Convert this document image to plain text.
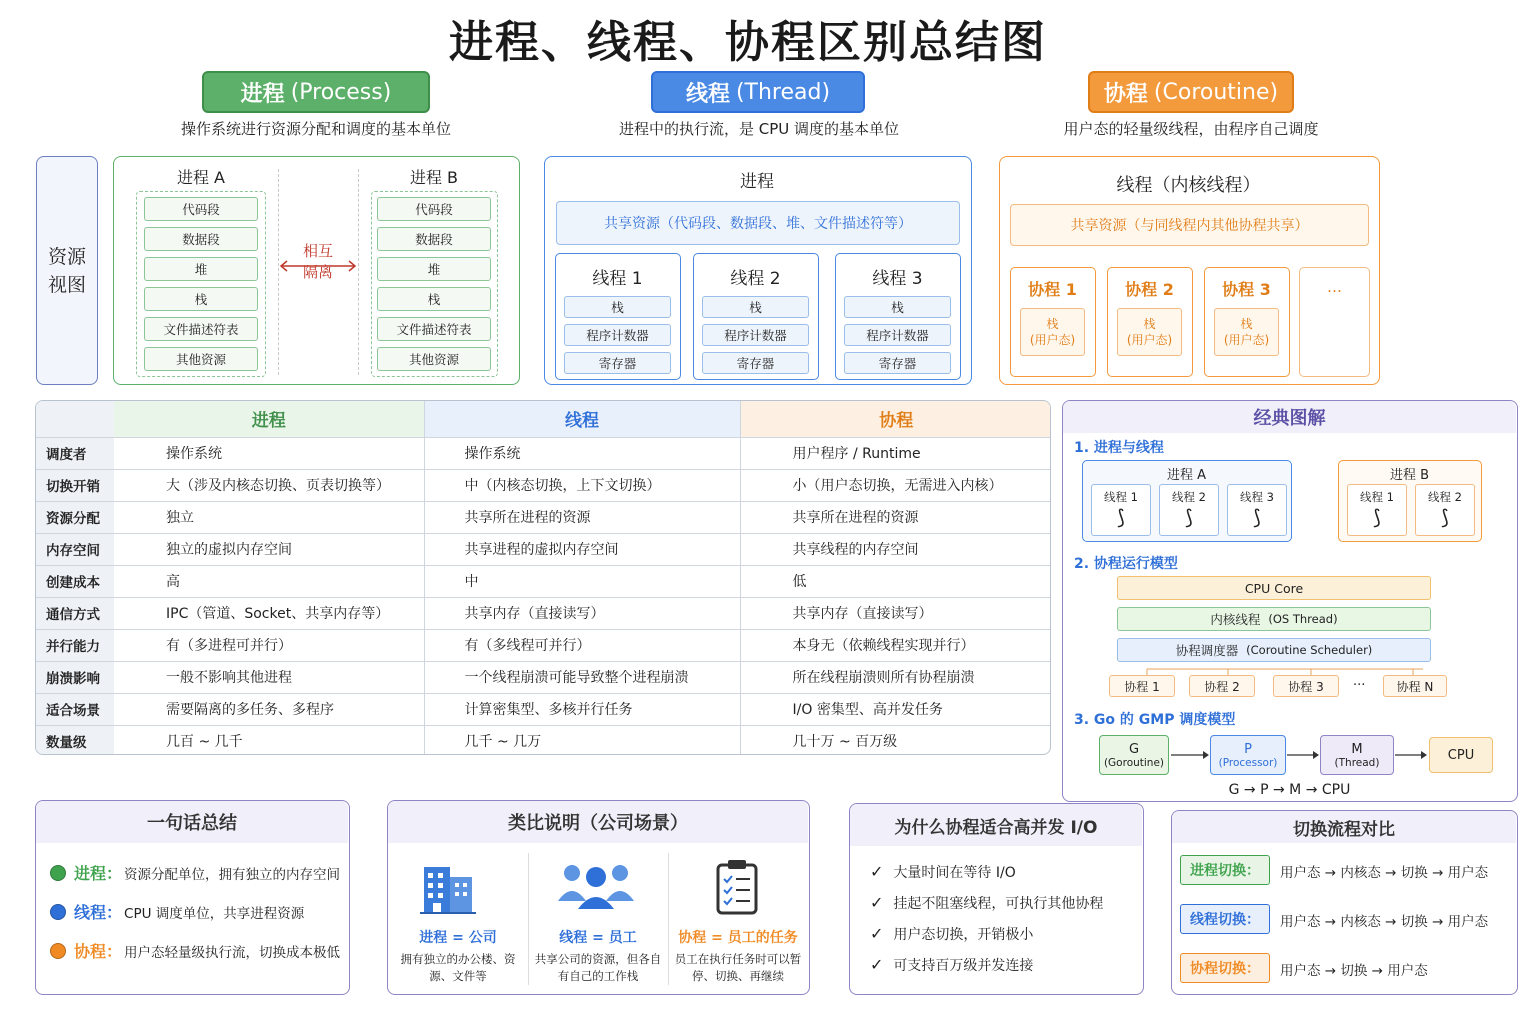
进程、线程、协程区别总结图
进程 (Process)
操作系统进行资源分配和调度的基本单位
线程 (Thread)
进程中的执行流，是 CPU 调度的基本单位
协程 (Coroutine)
用户态的轻量级线程，由程序自己调度
资源视图
进程 A	进程 B
代码段
数据段
堆
栈
文件描述符表
其他资源
代码段
数据段
堆
栈
文件描述符表
其他资源
相互隔离
进程
共享资源（代码段、数据段、堆、文件描述符等）
线程 1
栈
程序计数器
寄存器
线程 2
栈
程序计数器
寄存器
线程 3
栈
程序计数器
寄存器
线程（内核线程）
共享资源（与同线程内其他协程共享）
协程 1
栈
(用户态)
协程 2
栈
(用户态)
协程 3
栈
(用户态)
…
	进程	线程	协程
调度者	操作系统	操作系统	用户程序 / Runtime
切换开销	大（涉及内核态切换、页表切换等）	中（内核态切换，上下文切换）	小（用户态切换，无需进入内核）
资源分配	独立	共享所在进程的资源	共享所在进程的资源
内存空间	独立的虚拟内存空间	共享进程的虚拟内存空间	共享线程的内存空间
创建成本	高	中	低
通信方式	IPC（管道、Socket、共享内存等）	共享内存（直接读写）	共享内存（直接读写）
并行能力	有（多进程可并行）	有（多线程可并行）	本身无（依赖线程实现并行）
崩溃影响	一般不影响其他进程	一个线程崩溃可能导致整个进程崩溃	所在线程崩溃则所有协程崩溃
适合场景	需要隔离的多任务、多程序	计算密集型、多核并行任务	I/O 密集型、高并发任务
数量级	几百 ~ 几千	几千 ~ 几万	几十万 ~ 百万级
经典图解
1. 进程与线程
进程 A
线程 1
⟆
线程 2
⟆
线程 3
⟆
进程 B
线程 1
⟆
线程 2
⟆
2. 协程运行模型
CPU Core
内核线程
(OS Thread)
协程调度器
(Coroutine Scheduler)
协程 1	协程 2	协程 3	协程 N
···
3. Go 的 GMP 调度模型
G
(Goroutine)
P
(Processor)
M
(Thread)	CPU
G → P → M → CPU
一句话总结
进程： 资源分配单位，拥有独立的内存空间
线程： CPU 调度单位，共享进程资源
协程： 用户态轻量级执行流，切换成本极低
类比说明（公司场景）
进程 = 公司
拥有独立的办公楼、资源、文件等
线程 = 员工
共享公司的资源，但各自有自己的工作栈
协程 = 员工的任务
员工在执行任务时可以暂停、切换、再继续
为什么协程适合高并发 I/O
✓ 大量时间在等待 I/O
✓ 挂起不阻塞线程，可执行其他协程
✓ 用户态切换，开销极小
✓ 可支持百万级并发连接
切换流程对比
进程切换：	用户态 → 内核态 → 切换 → 用户态
线程切换：	用户态 → 内核态 → 切换 → 用户态
协程切换：	用户态 → 切换 → 用户态
